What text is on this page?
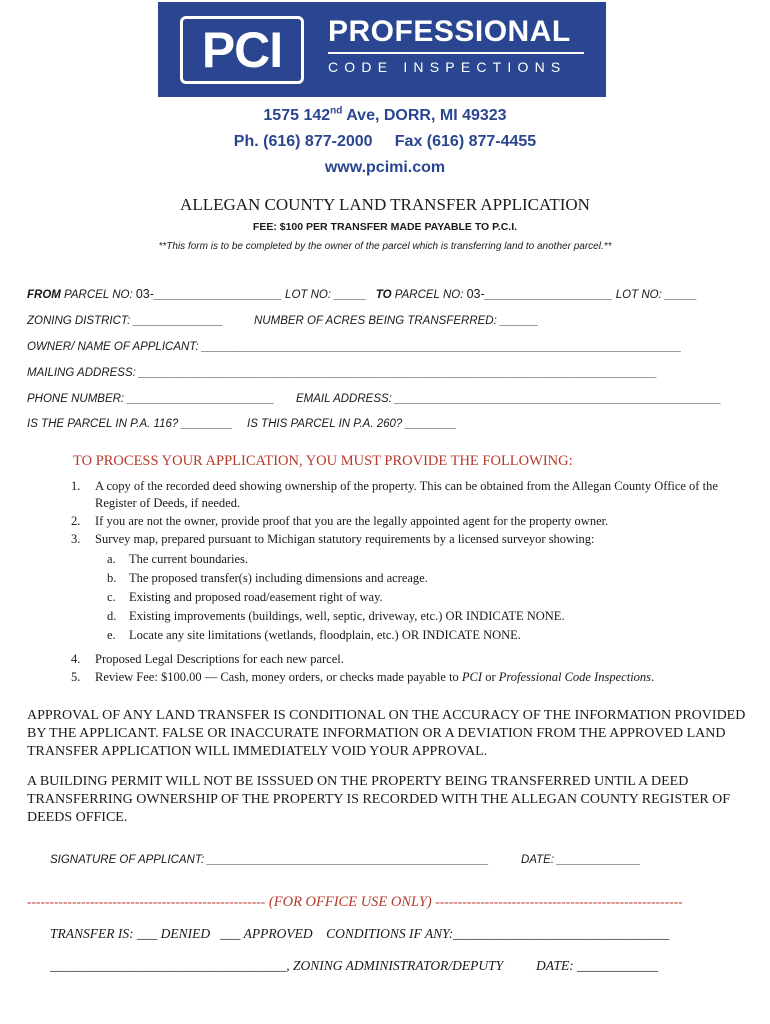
PCI	PROFESSIONAL
CODE INSPECTIONS
1575 142nd Ave, DORR, MI 49323
Ph. (616) 877-2000     Fax (616) 877-4455
www.pcimi.com
ALLEGAN COUNTY LAND TRANSFER APPLICATION
FEE: $100 PER TRANSFER MADE PAYABLE TO P.C.I.
**This form is to be completed by the owner of the parcel which is transferring land to another parcel.**
FROM PARCEL NO: 03-____________________ LOT NO: _____   TO PARCEL NO: 03-____________________ LOT NO: _____
ZONING DISTRICT: ______________	NUMBER OF ACRES BEING TRANSFERRED: ______
OWNER/ NAME OF APPLICANT: ___________________________________________________________________________
MAILING ADDRESS: _________________________________________________________________________________
PHONE NUMBER: _______________________ EMAIL ADDRESS: ___________________________________________________
IS THE PARCEL IN P.A. 116? ________ IS THIS PARCEL IN P.A. 260? ________
TO PROCESS YOUR APPLICATION, YOU MUST PROVIDE THE FOLLOWING:
1.	A copy of the recorded deed showing ownership of the property. This can be obtained from the Allegan County Office of the Register of Deeds, if needed.
2.	If you are not the owner, provide proof that you are the legally appointed agent for the property owner.
3.	Survey map, prepared pursuant to Michigan statutory requirements by a licensed surveyor showing:
a.	The current boundaries.
b.	The proposed transfer(s) including dimensions and acreage.
c.	Existing and proposed road/easement right of way.
d.	Existing improvements (buildings, well, septic, driveway, etc.) OR INDICATE NONE.
e.	Locate any site limitations (wetlands, floodplain, etc.) OR INDICATE NONE.
4.	Proposed Legal Descriptions for each new parcel.
5.	Review Fee: $100.00 — Cash, money orders, or checks made payable to PCI or Professional Code Inspections.
APPROVAL OF ANY LAND TRANSFER IS CONDITIONAL ON THE ACCURACY OF THE INFORMATION PROVIDED BY THE APPLICANT. FALSE OR INACCURATE INFORMATION OR A DEVIATION FROM THE APPROVED LAND TRANSFER APPLICATION WILL IMMEDIATELY VOID YOUR APPROVAL.
A BUILDING PERMIT WILL NOT BE ISSSUED ON THE PROPERTY BEING TRANSFERRED UNTIL A DEED TRANSFERRING OWNERSHIP OF THE PROPERTY IS RECORDED WITH THE ALLEGAN COUNTY REGISTER OF DEEDS OFFICE.
SIGNATURE OF APPLICANT: ____________________________________________	DATE: _____________
----------------------------------------------------- (FOR OFFICE USE ONLY) -------------------------------------------------------
TRANSFER IS: ___ DENIED   ___ APPROVED    CONDITIONS IF ANY:________________________________
___________________________________, ZONING ADMINISTRATOR/DEPUTY DATE: ____________
